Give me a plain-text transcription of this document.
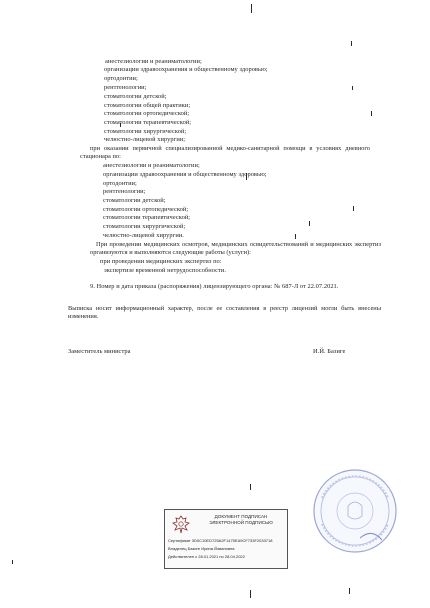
анестезиологии и реаниматологии;
организации здравоохранения и общественному здоровью;
ортодонтии;
рентгенологии;
стоматологии детской;
стоматологии общей практики;
стоматологии ортопедической;
стоматологии терапевтической;
стоматологии хирургической;
челюстно-лицевой хирургии;
при оказании первичной специализированной медико-санитарной помощи в условиях дневного стационара по:
анестезиологии и реаниматологии;
организации здравоохранения и общественному здоровью;
ортодонтии;
рентгенологии;
стоматологии детской;
стоматологии ортопедической;
стоматологии терапевтической;
стоматологии хирургической;
челюстно-лицевой хирургии.
При проведении медицинских осмотров, медицинских освидетельствований и медицинских экспертиз организуются и выполняются следующие работы (услуги):
при проведении медицинских экспертиз по:
экспертизе временной нетрудоспособности.
9. Номер и дата приказа (распоряжения) лицензирующего органа: № 687-Л от 22.07.2021.
Выписка носит информационный характер, после ее составления в реестр лицензий могли быть внесены изменения.
Заместитель министра	И.Й. Базиге
ДОКУМЕНТ ПОДПИСАН
ЭЛЕКТРОННОЙ ПОДПИСЬЮ
Сертификат 3D0C10ED725A2F1475EA9CF733F2033718
Владелец Базиге Ирина Йовановна
Действителен с 28.01.2021 по 28.04.2022
